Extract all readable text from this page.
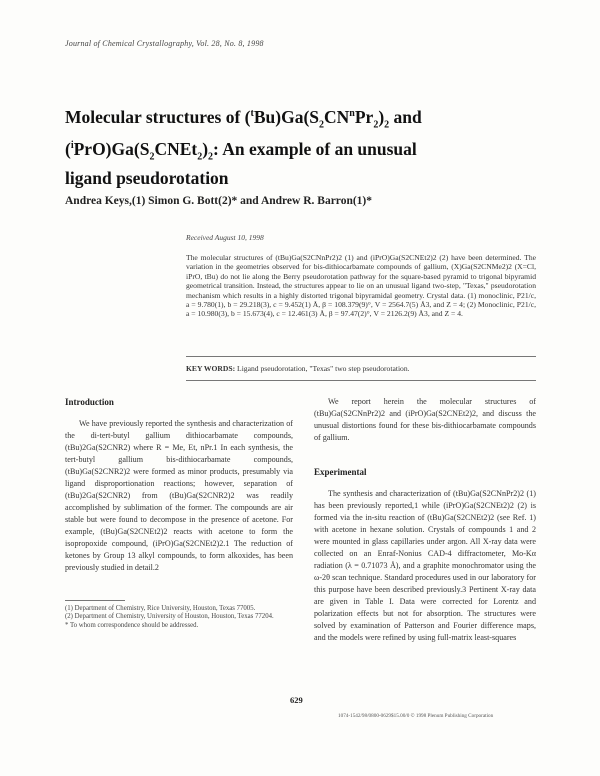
Journal of Chemical Crystallography, Vol. 28, No. 8, 1998
Molecular structures of $(^tBu)Ga(S_2CN^nPr_2)_2$ and
$(^iPrO)Ga(S_2CNEt_2)_2$: An example of an unusual
ligand pseudorotation
Andrea Keys,(1) Simon G. Bott(2)* and Andrew R. Barron(1)*
Received August 10, 1998
The molecular structures of (tBu)Ga(S2CNnPr2)2 (1) and (iPrO)Ga(S2CNEt2)2 (2) have been determined. The variation in the geometries observed for bis-dithiocarbamate compounds of gallium, (X)Ga(S2CNMe2)2 (X=Cl, iPrO, tBu) do not lie along the Berry pseudorotation pathway for the square-based pyramid to trigonal bipyramid geometrical transition. Instead, the structures appear to lie on an unusual ligand two-step, "Texas," pseudorotation mechanism which results in a highly distorted trigonal bipyramidal geometry. Crystal data. (1) monoclinic, P21/c, a = 9.780(1), b = 29.218(3), c = 9.452(1) Å, β = 108.379(9)°, V = 2564.7(5) Å3, and Z = 4; (2) Monoclinic, P21/c, a = 10.980(3), b = 15.673(4), c = 12.461(3) Å, β = 97.47(2)°, V = 2126.2(9) Å3, and Z = 4.
KEY WORDS: Ligand pseudorotation, "Texas" two step pseudorotation.
Introduction
We have previously reported the synthesis and characterization of the di-tert-butyl gallium dithiocarbamate compounds, (tBu)2Ga(S2CNR2) where R = Me, Et, nPr.1 In each synthesis, the tert-butyl gallium bis-dithiocarbamate compounds, (tBu)Ga(S2CNR2)2 were formed as minor products, presumably via ligand disproportionation reactions; however, separation of (tBu)2Ga(S2CNR2) from (tBu)Ga(S2CNR2)2 was readily accomplished by sublimation of the former. The compounds are air stable but were found to decompose in the presence of acetone. For example, (tBu)Ga(S2CNEt2)2 reacts with acetone to form the isopropoxide compound, (iPrO)Ga(S2CNEt2)2.1 The reduction of ketones by Group 13 alkyl compounds, to form alkoxides, has been previously studied in detail.2
We report herein the molecular structures of (tBu)Ga(S2CNnPr2)2 and (iPrO)Ga(S2CNEt2)2, and discuss the unusual distortions found for these bis-dithiocarbamate compounds of gallium.
Experimental
The synthesis and characterization of (tBu)Ga(S2CNnPr2)2 (1) has been previously reported,1 while (iPrO)Ga(S2CNEt2)2 (2) is formed via the in-situ reaction of (tBu)Ga(S2CNEt2)2 (see Ref. 1) with acetone in hexane solution. Crystals of compounds 1 and 2 were mounted in glass capillaries under argon. All X-ray data were collected on an Enraf-Nonius CAD-4 diffractometer, Mo-Kα radiation (λ = 0.71073 Å), and a graphite monochromator using the ω-2θ scan technique. Standard procedures used in our laboratory for this purpose have been described previously.3 Pertinent X-ray data are given in Table I. Data were corrected for Lorentz and polarization effects but not for absorption. The structures were solved by examination of Patterson and Fourier difference maps, and the models were refined by using full-matrix least-squares
(1) Department of Chemistry, Rice University, Houston, Texas 77005.
(2) Department of Chemistry, University of Houston, Houston, Texas 77204.
* To whom correspondence should be addressed.
629
1074-1542/98/0800-0629$15.00/0 © 1998 Plenum Publishing Corporation
